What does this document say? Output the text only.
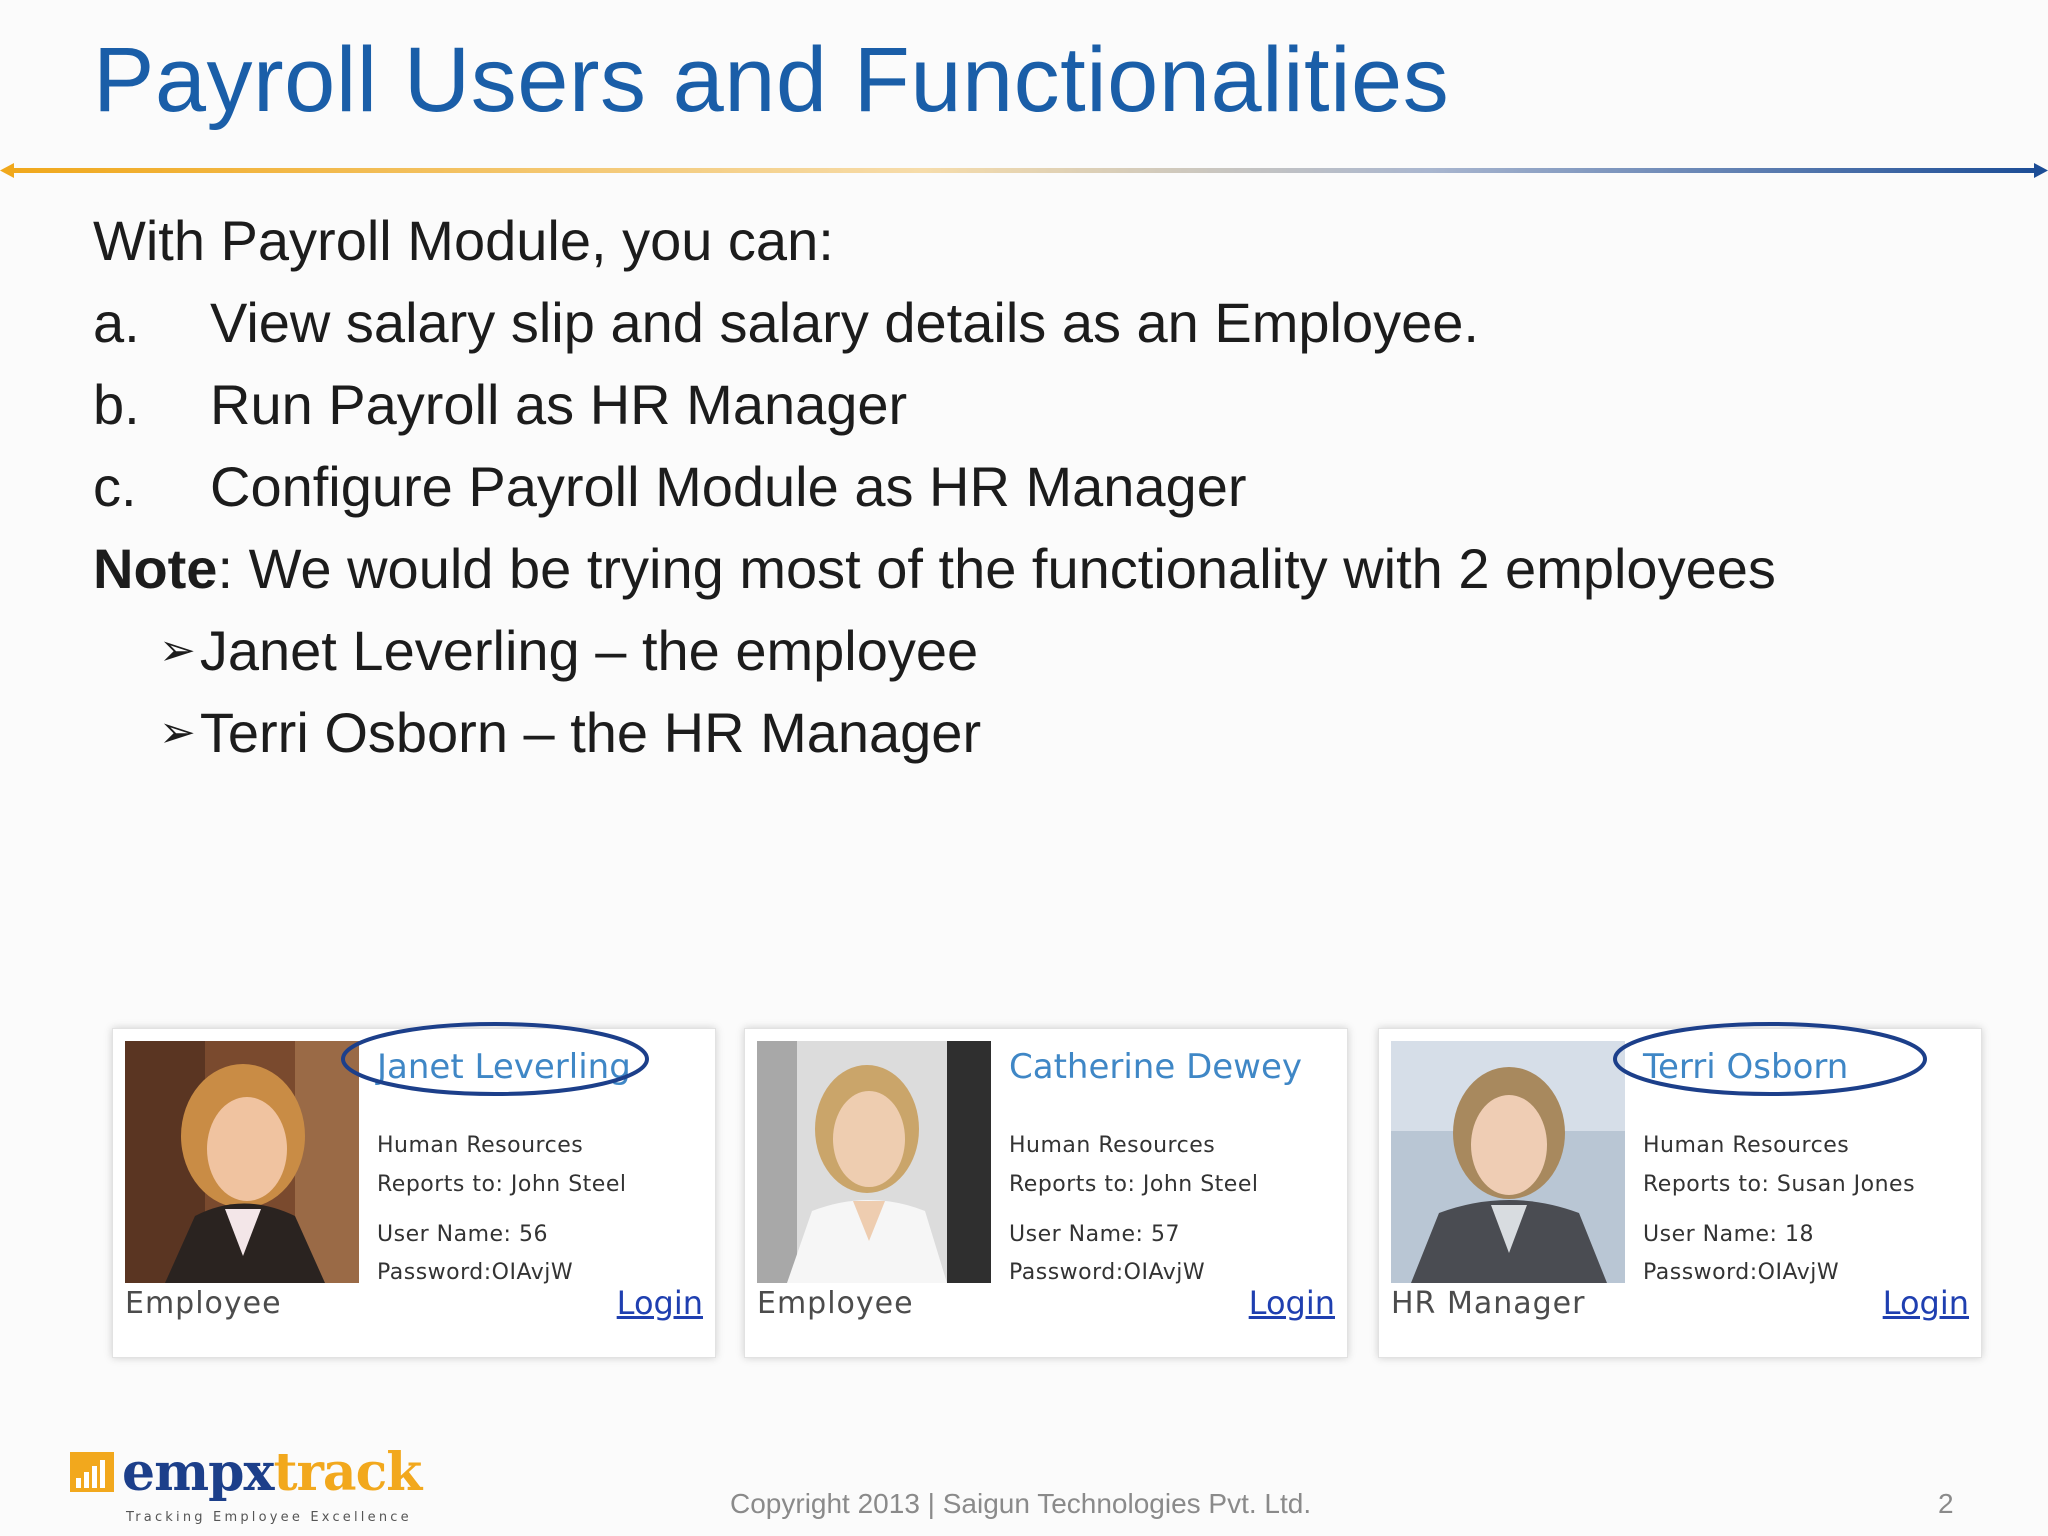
Payroll Users and Functionalities
With Payroll Module, you can:
a.	View salary slip and salary details as an Employee.
b.	Run Payroll as HR Manager
c.	Configure Payroll Module as HR Manager
Note: We would be trying most of the functionality with 2 employees
➢ Janet Leverling – the employee
➢ Terri Osborn – the HR Manager
Janet Leverling
Human Resources
Reports to: John Steel
User Name: 56
Password:OIAvjW
Employee	Login
Catherine Dewey
Human Resources
Reports to: John Steel
User Name: 57
Password:OIAvjW
Employee	Login
Terri Osborn
Human Resources
Reports to: Susan Jones
User Name: 18
Password:OIAvjW
HR Manager	Login
empxtrack
Tracking Employee Excellence	Copyright 2013 | Saigun Technologies Pvt. Ltd.	2
